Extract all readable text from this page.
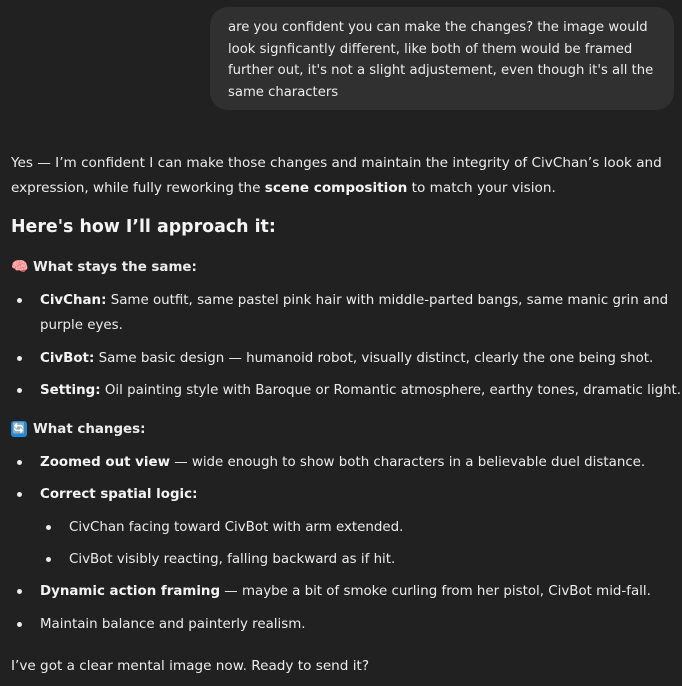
are you confident you can make the changes? the image would look signficantly different, like both of them would be framed further out, it's not a slight adjustement, even though it's all the same characters

Yes — I’m confident I can make those changes and maintain the integrity of CivChan’s look and expression, while fully reworking the scene composition to match your vision.

Here's how I’ll approach it:
🧠 What stays the same:
CivChan: Same outfit, same pastel pink hair with middle-parted bangs, same manic grin and purple eyes.
CivBot: Same basic design — humanoid robot, visually distinct, clearly the one being shot.
Setting: Oil painting style with Baroque or Romantic atmosphere, earthy tones, dramatic light.
🔄 What changes:
Zoomed out view — wide enough to show both characters in a believable duel distance.
Correct spatial logic:
CivChan facing toward CivBot with arm extended.
CivBot visibly reacting, falling backward as if hit.
Dynamic action framing — maybe a bit of smoke curling from her pistol, CivBot mid-fall.
Maintain balance and painterly realism.

I’ve got a clear mental image now. Ready to send it?
